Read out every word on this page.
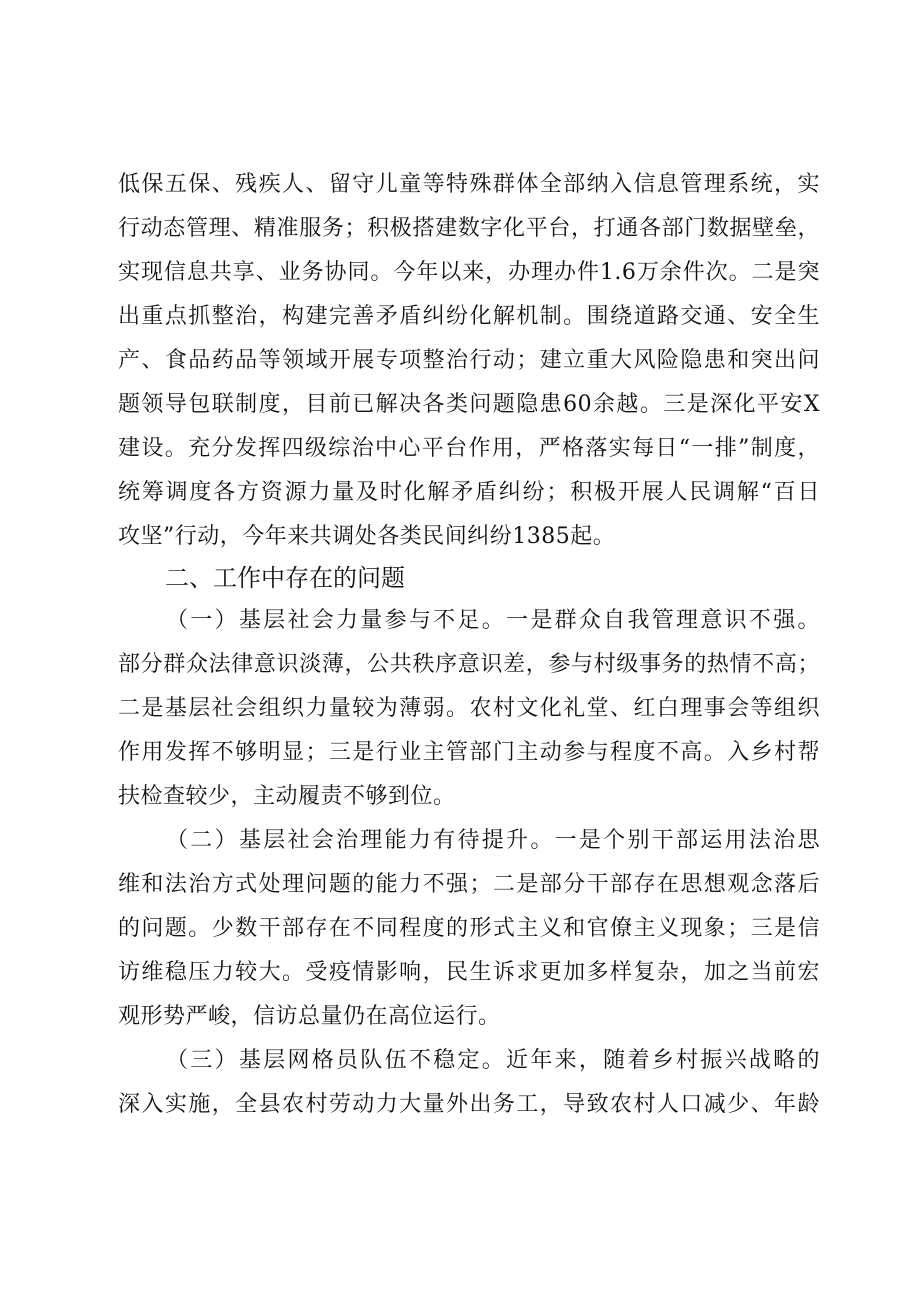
低保五保、残疾人、留守儿童等特殊群体全部纳入信息管理系统，实
行动态管理、精准服务；积极搭建数字化平台，打通各部门数据壁垒，
实现信息共享、业务协同。今年以来，办理办件1.6万余件次。二是突
出重点抓整治，构建完善矛盾纠纷化解机制。围绕道路交通、安全生
产、食品药品等领域开展专项整治行动；建立重大风险隐患和突出问
题领导包联制度，目前已解决各类问题隐患60余越。三是深化平安X
建设。充分发挥四级综治中心平台作用，严格落实每日“一排”制度，
统筹调度各方资源力量及时化解矛盾纠纷；积极开展人民调解“百日
攻坚”行动，今年来共调处各类民间纠纷1385起。
二、工作中存在的问题
（一）基层社会力量参与不足。一是群众自我管理意识不强。
部分群众法律意识淡薄，公共秩序意识差，参与村级事务的热情不高；
二是基层社会组织力量较为薄弱。农村文化礼堂、红白理事会等组织
作用发挥不够明显；三是行业主管部门主动参与程度不高。入乡村帮
扶检查较少，主动履责不够到位。
（二）基层社会治理能力有待提升。一是个别干部运用法治思
维和法治方式处理问题的能力不强；二是部分干部存在思想观念落后
的问题。少数干部存在不同程度的形式主义和官僚主义现象；三是信
访维稳压力较大。受疫情影响，民生诉求更加多样复杂，加之当前宏
观形势严峻，信访总量仍在高位运行。
（三）基层网格员队伍不稳定。近年来，随着乡村振兴战略的
深入实施，全县农村劳动力大量外出务工，导致农村人口减少、年龄
